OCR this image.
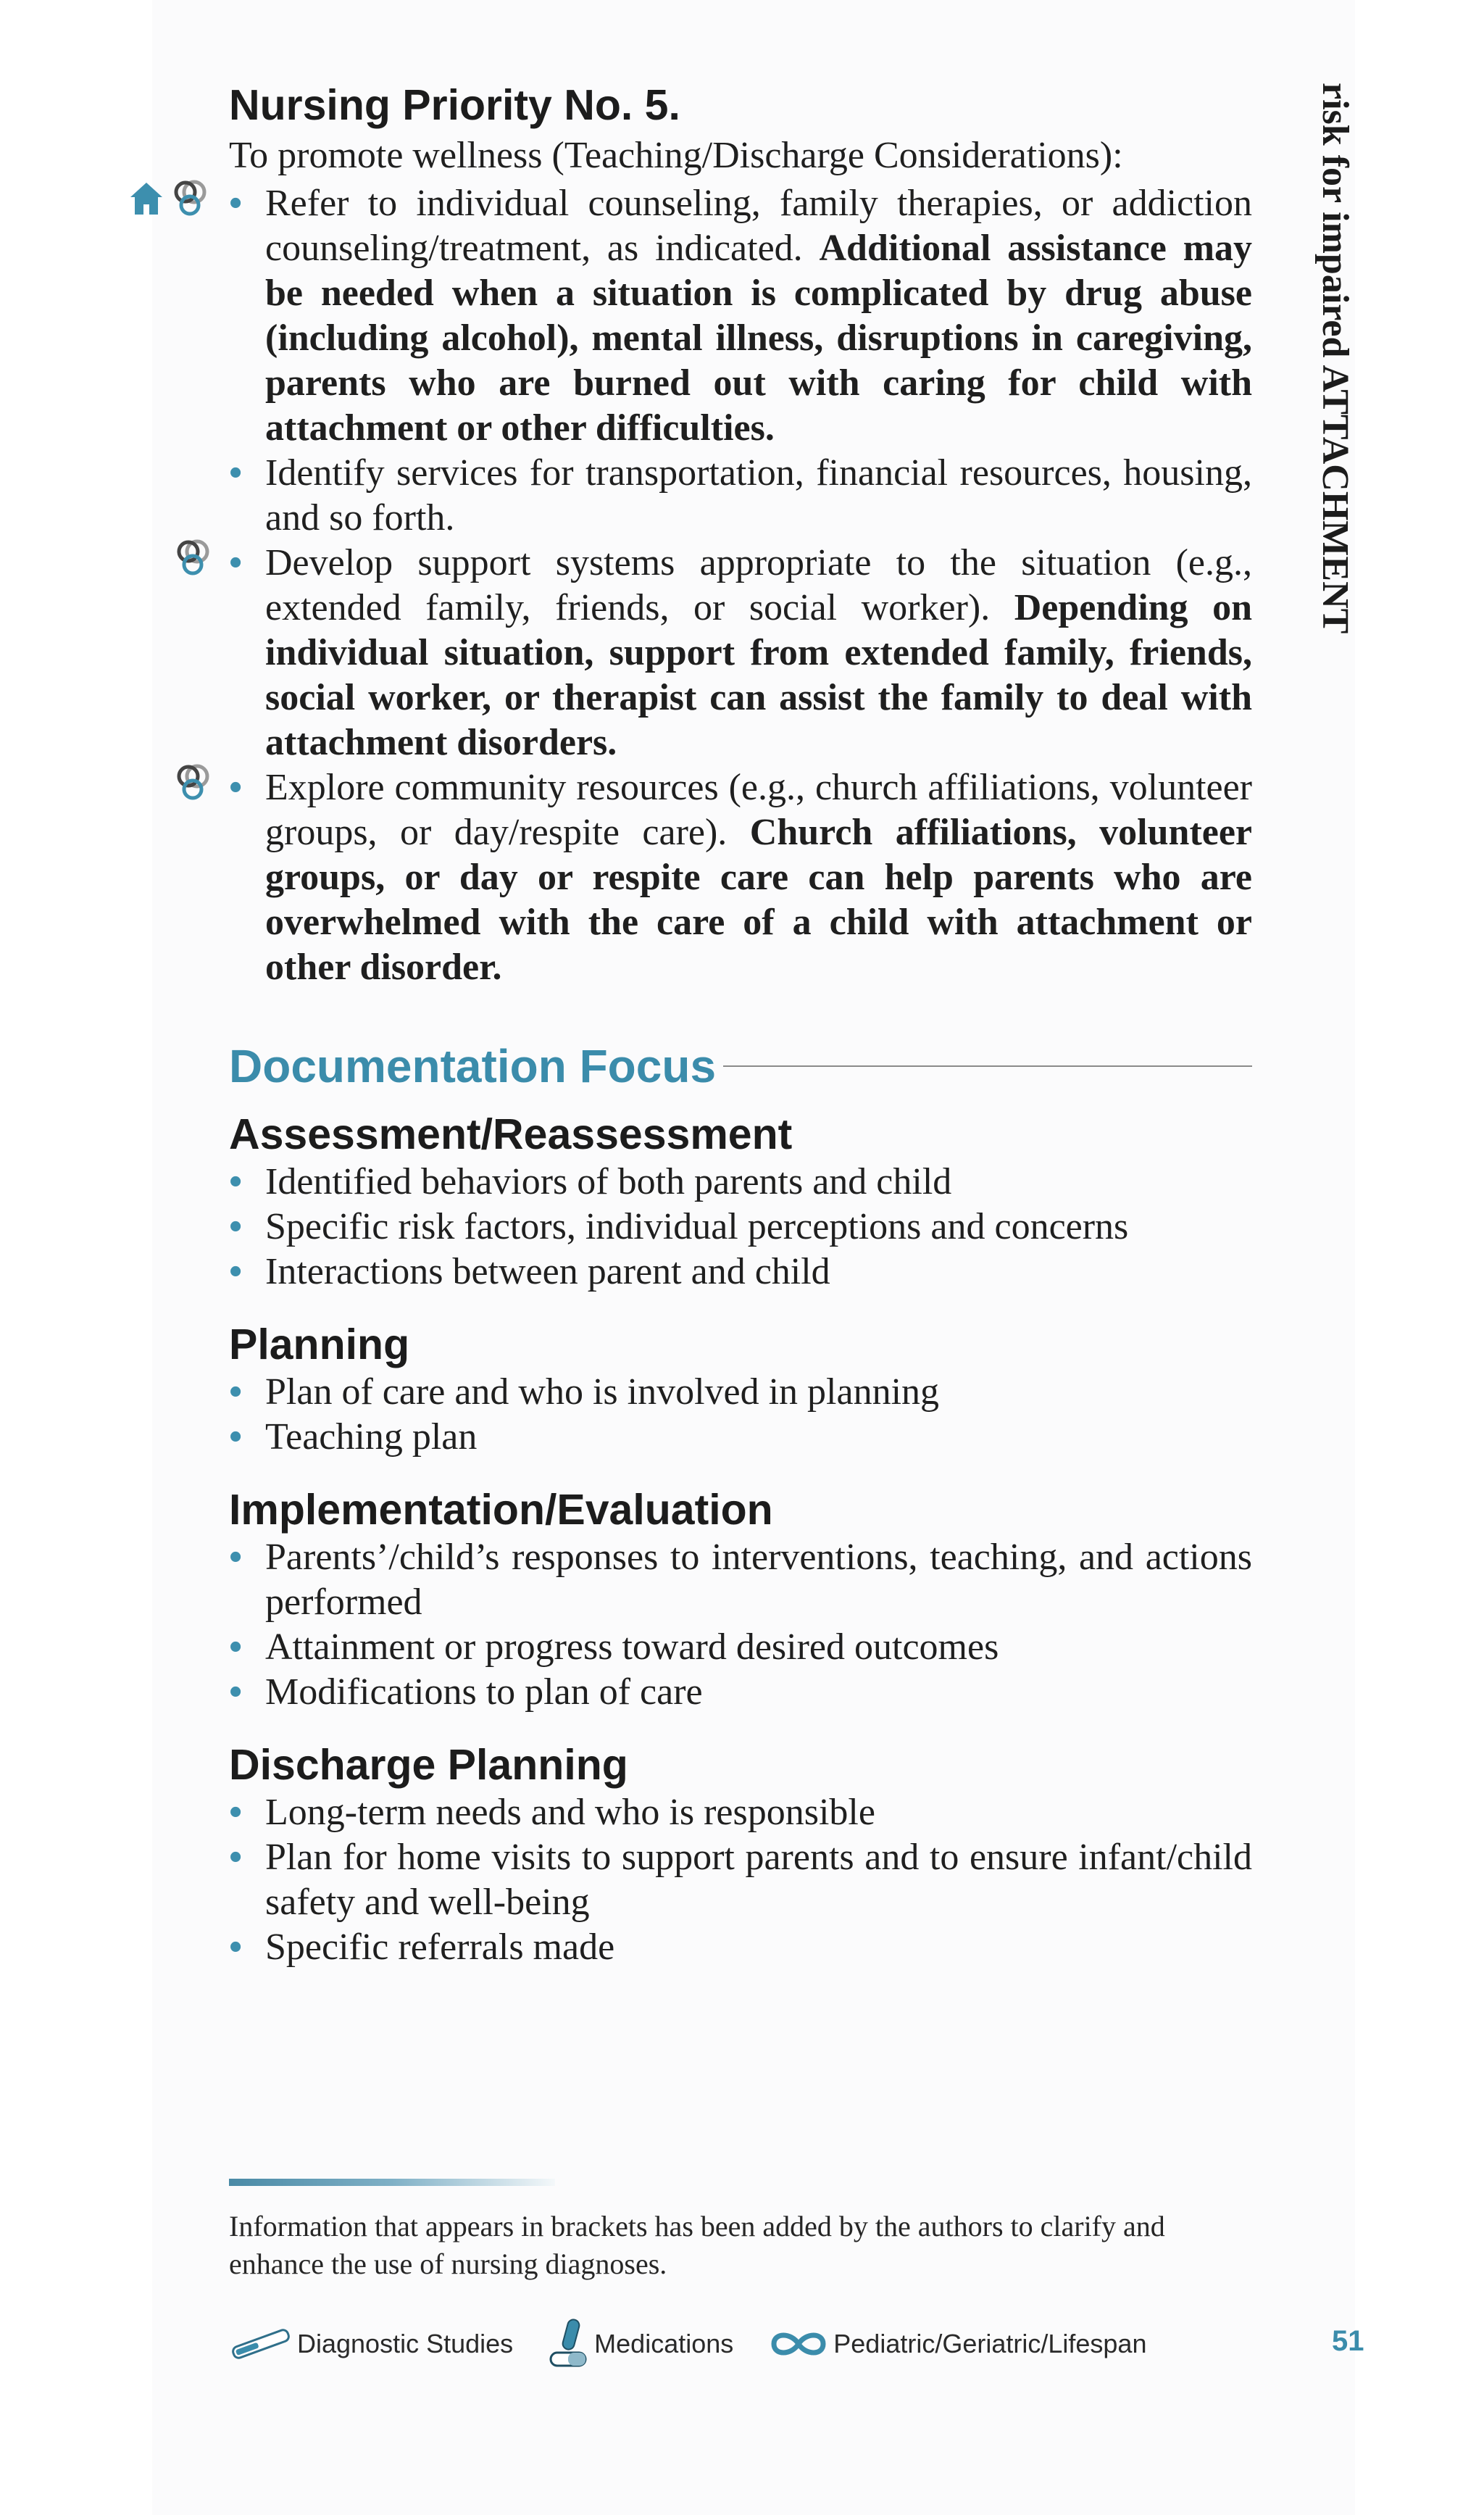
risk for impaired ATTACHMENT
Nursing Priority No. 5.

To promote wellness (Teaching/Discharge Considerations):

• Refer to individual counseling, family therapies, or addiction counseling/treatment, as indicated. Additional assistance may be needed when a situation is complicated by drug abuse (including alcohol), mental illness, disruptions in caregiving, parents who are burned out with caring for child with attachment or other difficulties.
• Identify services for transportation, financial resources, housing, and so forth.
• Develop support systems appropriate to the situation (e.g., extended family, friends, or social worker). Depending on individual situation, support from extended family, friends, social worker, or therapist can assist the family to deal with attachment disorders.
• Explore community resources (e.g., church affiliations, volunteer groups, or day/respite care). Church affiliations, volunteer groups, or day or respite care can help parents who are overwhelmed with the care of a child with attachment or other disorder.
Documentation Focus
Assessment/Reassessment
• Identified behaviors of both parents and child
• Specific risk factors, individual perceptions and concerns
• Interactions between parent and child
Planning
• Plan of care and who is involved in planning
• Teaching plan
Implementation/Evaluation
• Parents’/child’s responses to interventions, teaching, and actions performed
• Attainment or progress toward desired outcomes
• Modifications to plan of care
Discharge Planning
• Long-term needs and who is responsible
• Plan for home visits to support parents and to ensure infant/child safety and well-being
• Specific referrals made
Information that appears in brackets has been added by the authors to clarify and enhance the use of nursing diagnoses.
Diagnostic Studies	Medications	Pediatric/Geriatric/Lifespan	51
